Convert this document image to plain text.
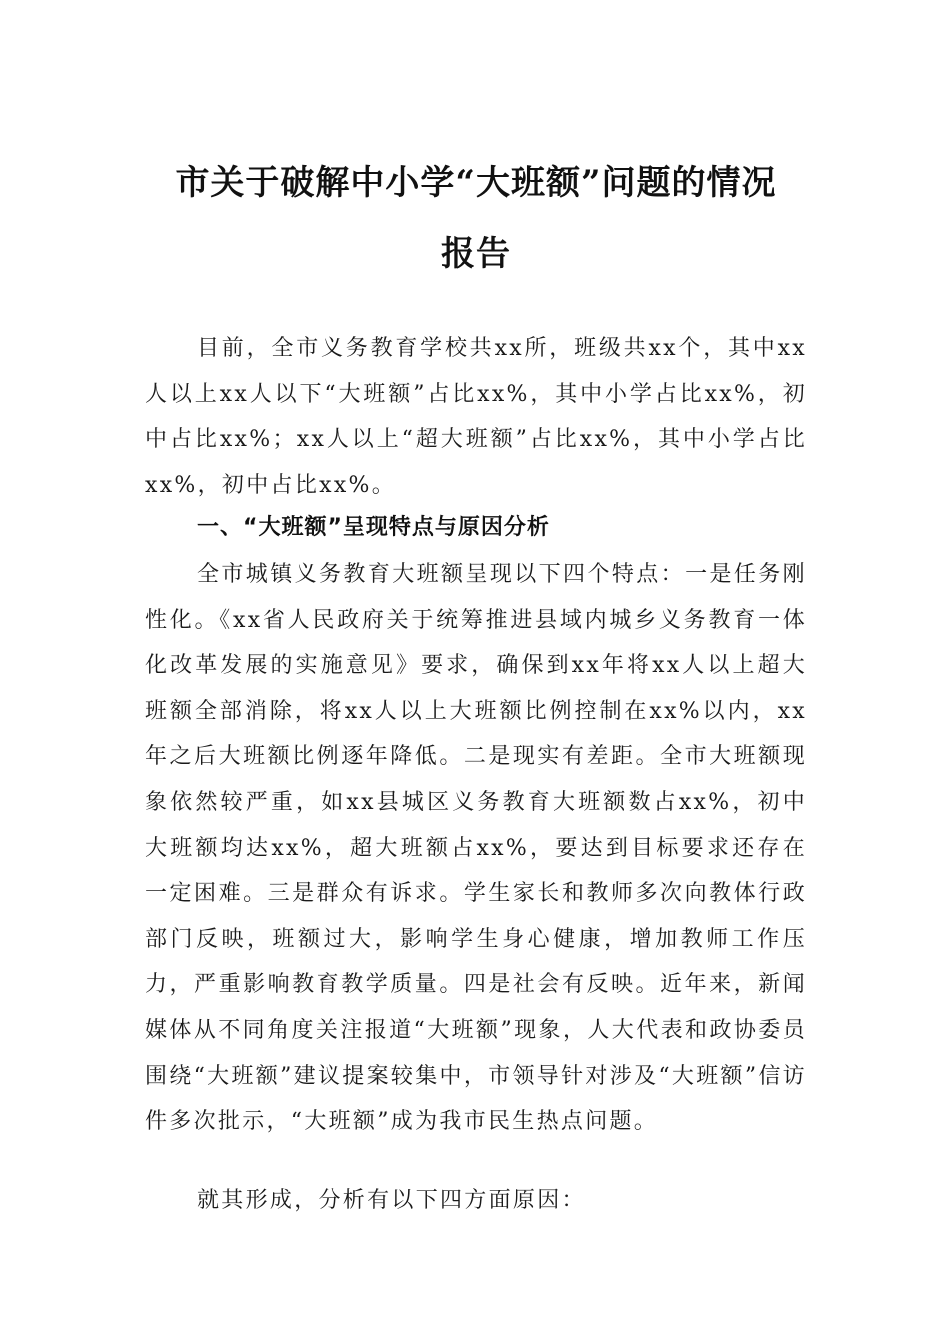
市关于破解中小学“大班额”问题的情况
报告

目前，全市义务教育学校共xx所，班级共xx个，其中xx人以上xx人以下“大班额”占比xx%，其中小学占比xx%，初中占比xx%；xx人以上“超大班额”占比xx%，其中小学占比xx%，初中占比xx%。

一、“大班额”呈现特点与原因分析

全市城镇义务教育大班额呈现以下四个特点：一是任务刚性化。《xx省人民政府关于统筹推进县域内城乡义务教育一体化改革发展的实施意见》要求，确保到xx年将xx人以上超大班额全部消除，将xx人以上大班额比例控制在xx%以内，xx年之后大班额比例逐年降低。二是现实有差距。全市大班额现象依然较严重，如xx县城区义务教育大班额数占xx%，初中大班额均达xx%，超大班额占xx%，要达到目标要求还存在一定困难。三是群众有诉求。学生家长和教师多次向教体行政部门反映，班额过大，影响学生身心健康，增加教师工作压力，严重影响教育教学质量。四是社会有反映。近年来，新闻媒体从不同角度关注报道“大班额”现象，人大代表和政协委员围绕“大班额”建议提案较集中，市领导针对涉及“大班额”信访件多次批示，“大班额”成为我市民生热点问题。

就其形成，分析有以下四方面原因：
